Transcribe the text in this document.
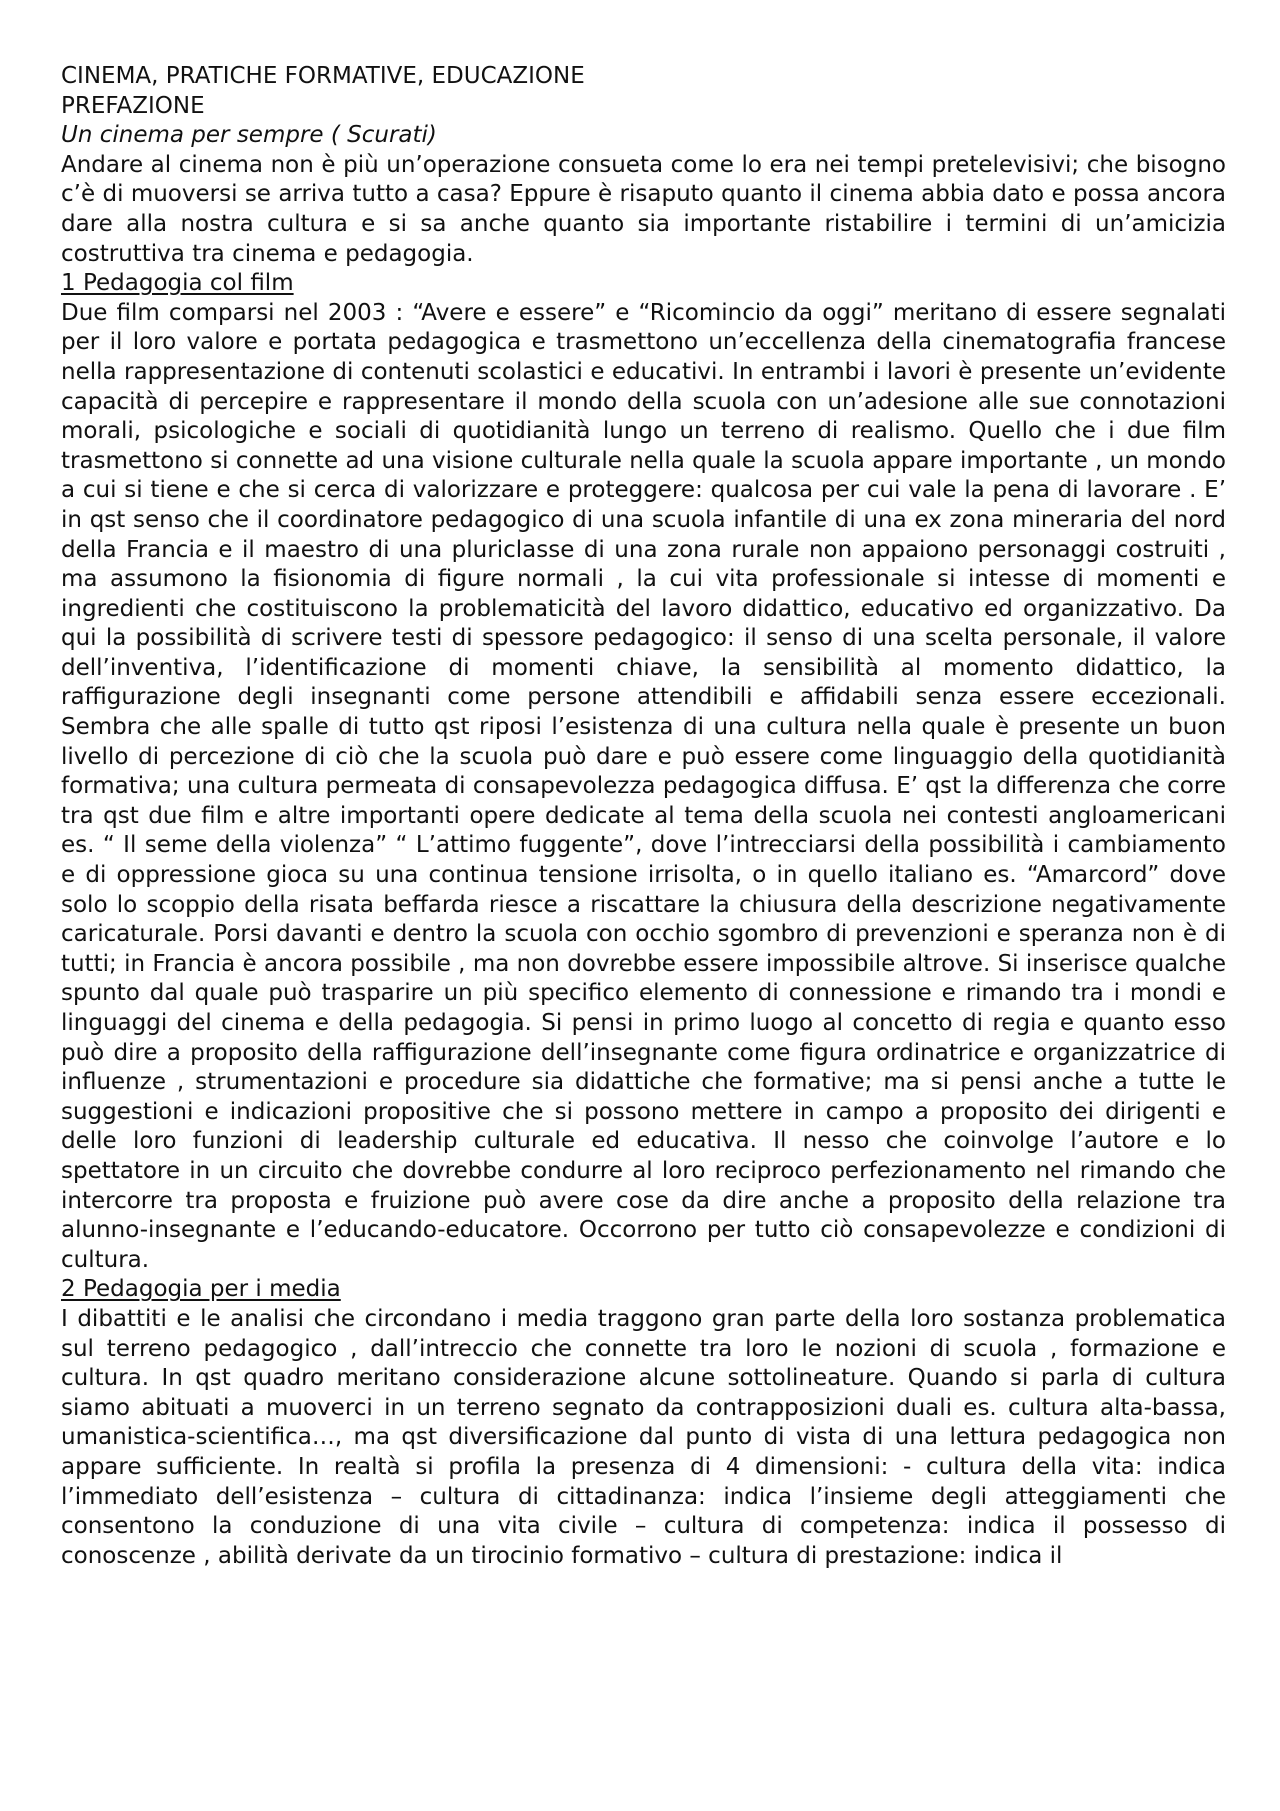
CINEMA, PRATICHE FORMATIVE, EDUCAZIONE
PREFAZIONE
Un cinema per sempre ( Scurati)

Andare al cinema non è più un’operazione consueta come lo era nei tempi pretelevisivi; che bisogno c’è di muoversi se arriva tutto a casa? Eppure è risaputo quanto il cinema abbia dato e possa ancora dare alla nostra cultura e si sa anche quanto sia importante ristabilire i termini di un’amicizia costruttiva tra cinema e pedagogia.

1 Pedagogia col film

Due film comparsi nel 2003 : “Avere e essere” e “Ricomincio da oggi” meritano di essere segnalati per il loro valore e portata pedagogica e trasmettono un’eccellenza della cinematografia francese nella rappresentazione di contenuti scolastici e educativi. In entrambi i lavori è presente un’evidente capacità di percepire e rappresentare il mondo della scuola con un’adesione alle sue connotazioni morali, psicologiche e sociali di quotidianità lungo un terreno di realismo. Quello che i due film trasmettono si connette ad una visione culturale nella quale la scuola appare importante , un mondo a cui si tiene e che si cerca di valorizzare e proteggere: qualcosa per cui vale la pena di lavorare . E’ in qst senso che il coordinatore pedagogico di una scuola infantile di una ex zona mineraria del nord della Francia e il maestro di una pluriclasse di una zona rurale non appaiono personaggi costruiti , ma assumono la fisionomia di figure normali , la cui vita professionale si intesse di momenti e ingredienti che costituiscono la problematicità del lavoro didattico, educativo ed organizzativo. Da qui la possibilità di scrivere testi di spessore pedagogico: il senso di una scelta personale, il valore dell’inventiva, l’identificazione di momenti chiave, la sensibilità al momento didattico, la raffigurazione degli insegnanti come persone attendibili e affidabili senza essere eccezionali. Sembra che alle spalle di tutto qst riposi l’esistenza di una cultura nella quale è presente un buon livello di percezione di ciò che la scuola può dare e può essere come linguaggio della quotidianità formativa; una cultura permeata di consapevolezza pedagogica diffusa. E’ qst la differenza che corre tra qst due film e altre importanti opere dedicate al tema della scuola nei contesti angloamericani es. “ Il seme della violenza” “ L’attimo fuggente”, dove l’intrecciarsi della possibilità i cambiamento e di oppressione gioca su una continua tensione irrisolta, o in quello italiano es. “Amarcord” dove solo lo scoppio della risata beffarda riesce a riscattare la chiusura della descrizione negativamente caricaturale. Porsi davanti e dentro la scuola con occhio sgombro di prevenzioni e speranza non è di tutti; in Francia è ancora possibile , ma non dovrebbe essere impossibile altrove. Si inserisce qualche spunto dal quale può trasparire un più specifico elemento di connessione e rimando tra i mondi e linguaggi del cinema e della pedagogia. Si pensi in primo luogo al concetto di regia e quanto esso può dire a proposito della raffigurazione dell’insegnante come figura ordinatrice e organizzatrice di influenze , strumentazioni e procedure sia didattiche che formative; ma si pensi anche a tutte le suggestioni e indicazioni propositive che si possono mettere in campo a proposito dei dirigenti e delle loro funzioni di leadership culturale ed educativa. Il nesso che coinvolge l’autore e lo spettatore in un circuito che dovrebbe condurre al loro reciproco perfezionamento nel rimando che intercorre tra proposta e fruizione può avere cose da dire anche a proposito della relazione tra alunno-insegnante e l’educando-educatore. Occorrono per tutto ciò consapevolezze e condizioni di cultura.

2 Pedagogia per i media

I dibattiti e le analisi che circondano i media traggono gran parte della loro sostanza problematica sul terreno pedagogico , dall’intreccio che connette tra loro le nozioni di scuola , formazione e cultura. In qst quadro meritano considerazione alcune sottolineature. Quando si parla di cultura siamo abituati a muoverci in un terreno segnato da contrapposizioni duali es. cultura alta-bassa, umanistica-scientifica…, ma qst diversificazione dal punto di vista di una lettura pedagogica non appare sufficiente. In realtà si profila la presenza di 4 dimensioni: - cultura della vita: indica l’immediato dell’esistenza – cultura di cittadinanza: indica l’insieme degli atteggiamenti che consentono la conduzione di una vita civile – cultura di competenza: indica il possesso di conoscenze , abilità derivate da un tirocinio formativo – cultura di prestazione: indica il
